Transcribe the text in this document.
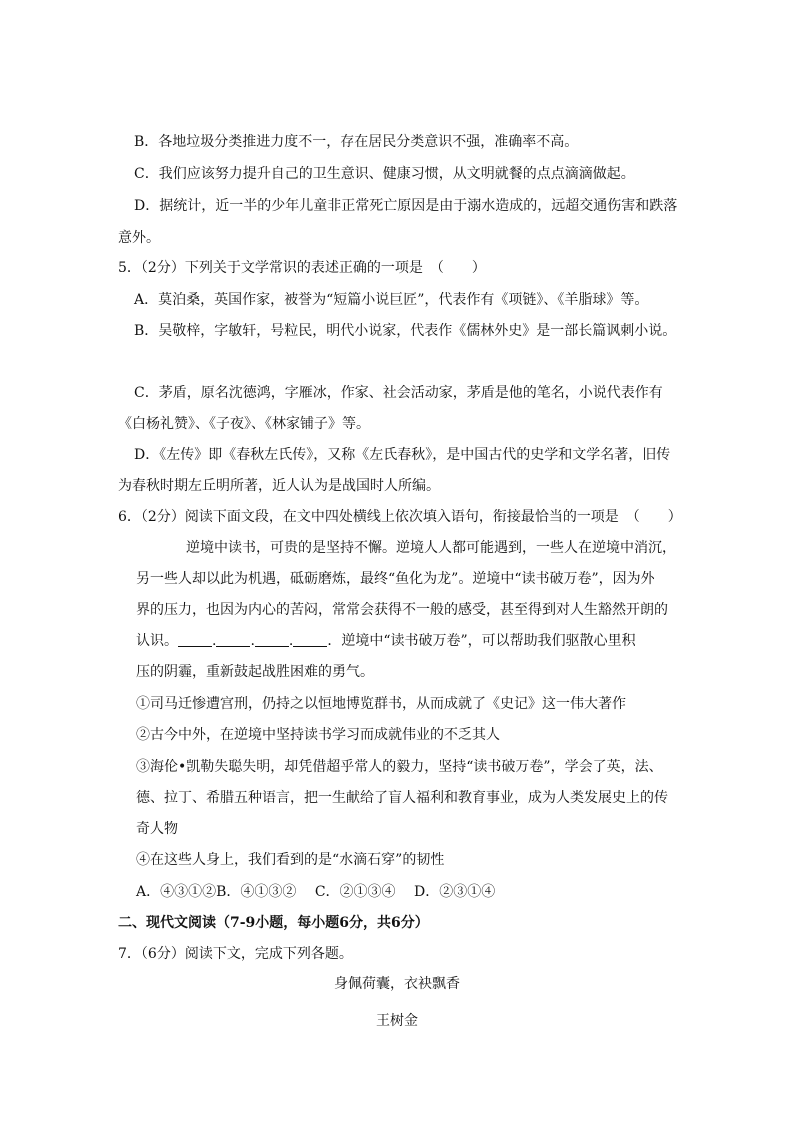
B．各地垃圾分类推进力度不一，存在居民分类意识不强，准确率不高。
C．我们应该努力提升自己的卫生意识、健康习惯，从文明就餐的点点滴滴做起。
D．据统计，近一半的少年儿童非正常死亡原因是由于溺水造成的，远超交通伤害和跌落
意外。
5．（2分）下列关于文学常识的表述正确的一项是　（　　）
A．莫泊桑，英国作家，被誉为“短篇小说巨匠”，代表作有《项链》、《羊脂球》等。
B．吴敬梓，字敏轩，号粒民，明代小说家，代表作《儒林外史》是一部长篇讽刺小说。
C．茅盾，原名沈德鸿，字雁冰，作家、社会活动家，茅盾是他的笔名，小说代表作有
《白杨礼赞》、《子夜》、《林家铺子》等。
D．《左传》即《春秋左氏传》，又称《左氏春秋》，是中国古代的史学和文学名著，旧传
为春秋时期左丘明所著，近人认为是战国时人所编。
6．（2分）阅读下面文段，在文中四处横线上依次填入语句，衔接最恰当的一项是　（　　）
逆境中读书，可贵的是坚持不懈。逆境人人都可能遇到，一些人在逆境中消沉，
另一些人却以此为机遇，砥砺磨炼，最终“鱼化为龙”。逆境中“读书破万卷”，因为外
界的压力，也因为内心的苦闷，常常会获得不一般的感受，甚至得到对人生豁然开朗的
认识。 . . . ．逆境中“读书破万卷”，可以帮助我们驱散心里积
压的阴霾，重新鼓起战胜困难的勇气。
①司马迁惨遭宫刑，仍持之以恒地博览群书，从而成就了《史记》这一伟大著作
②古今中外，在逆境中坚持读书学习而成就伟业的不乏其人
③海伦•凯勒失聪失明，却凭借超乎常人的毅力，坚持“读书破万卷”，学会了英，法、
德、拉丁、希腊五种语言，把一生献给了盲人福利和教育事业，成为人类发展史上的传
奇人物
④在这些人身上，我们看到的是“水滴石穿”的韧性
A．④③①②B．④①③②　 C．②①③④　 D．②③①④
二、现代文阅读（7-9小题，每小题6分，共6分）
7．（6分）阅读下文，完成下列各题。
身佩荷囊，衣袂飘香
王树金
